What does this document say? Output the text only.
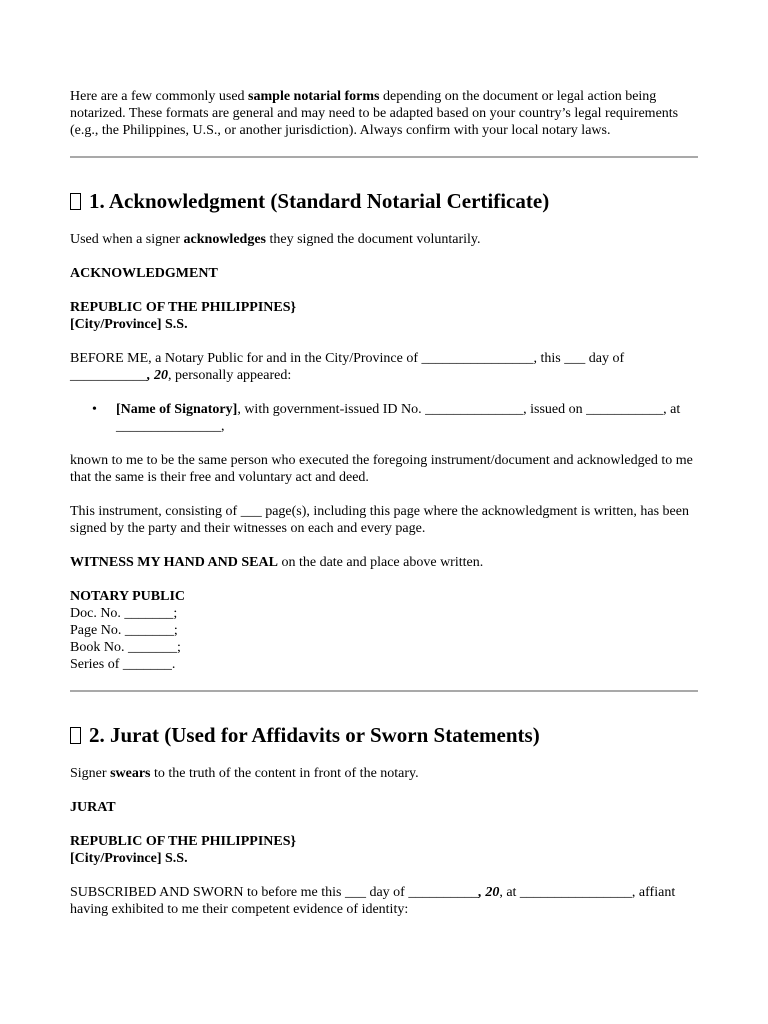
Here are a few commonly used sample notarial forms depending on the document or legal action being notarized. These formats are general and may need to be adapted based on your country’s legal requirements (e.g., the Philippines, U.S., or another jurisdiction). Always confirm with your local notary laws.

1. Acknowledgment (Standard Notarial Certificate)

Used when a signer acknowledges they signed the document voluntarily.

ACKNOWLEDGMENT

REPUBLIC OF THE PHILIPPINES}
[City/Province] S.S.

BEFORE ME, a Notary Public for and in the City/Province of ________________, this ___ day of ___________, 20, personally appeared:

• [Name of Signatory], with government-issued ID No. ______________, issued on ___________, at _______________,

known to me to be the same person who executed the foregoing instrument/document and acknowledged to me that the same is their free and voluntary act and deed.

This instrument, consisting of ___ page(s), including this page where the acknowledgment is written, has been signed by the party and their witnesses on each and every page.

WITNESS MY HAND AND SEAL on the date and place above written.

NOTARY PUBLIC
Doc. No. _______;
Page No. _______;
Book No. _______;
Series of _______.

2. Jurat (Used for Affidavits or Sworn Statements)

Signer swears to the truth of the content in front of the notary.

JURAT

REPUBLIC OF THE PHILIPPINES}
[City/Province] S.S.

SUBSCRIBED AND SWORN to before me this ___ day of __________, 20, at ________________, affiant having exhibited to me their competent evidence of identity:
